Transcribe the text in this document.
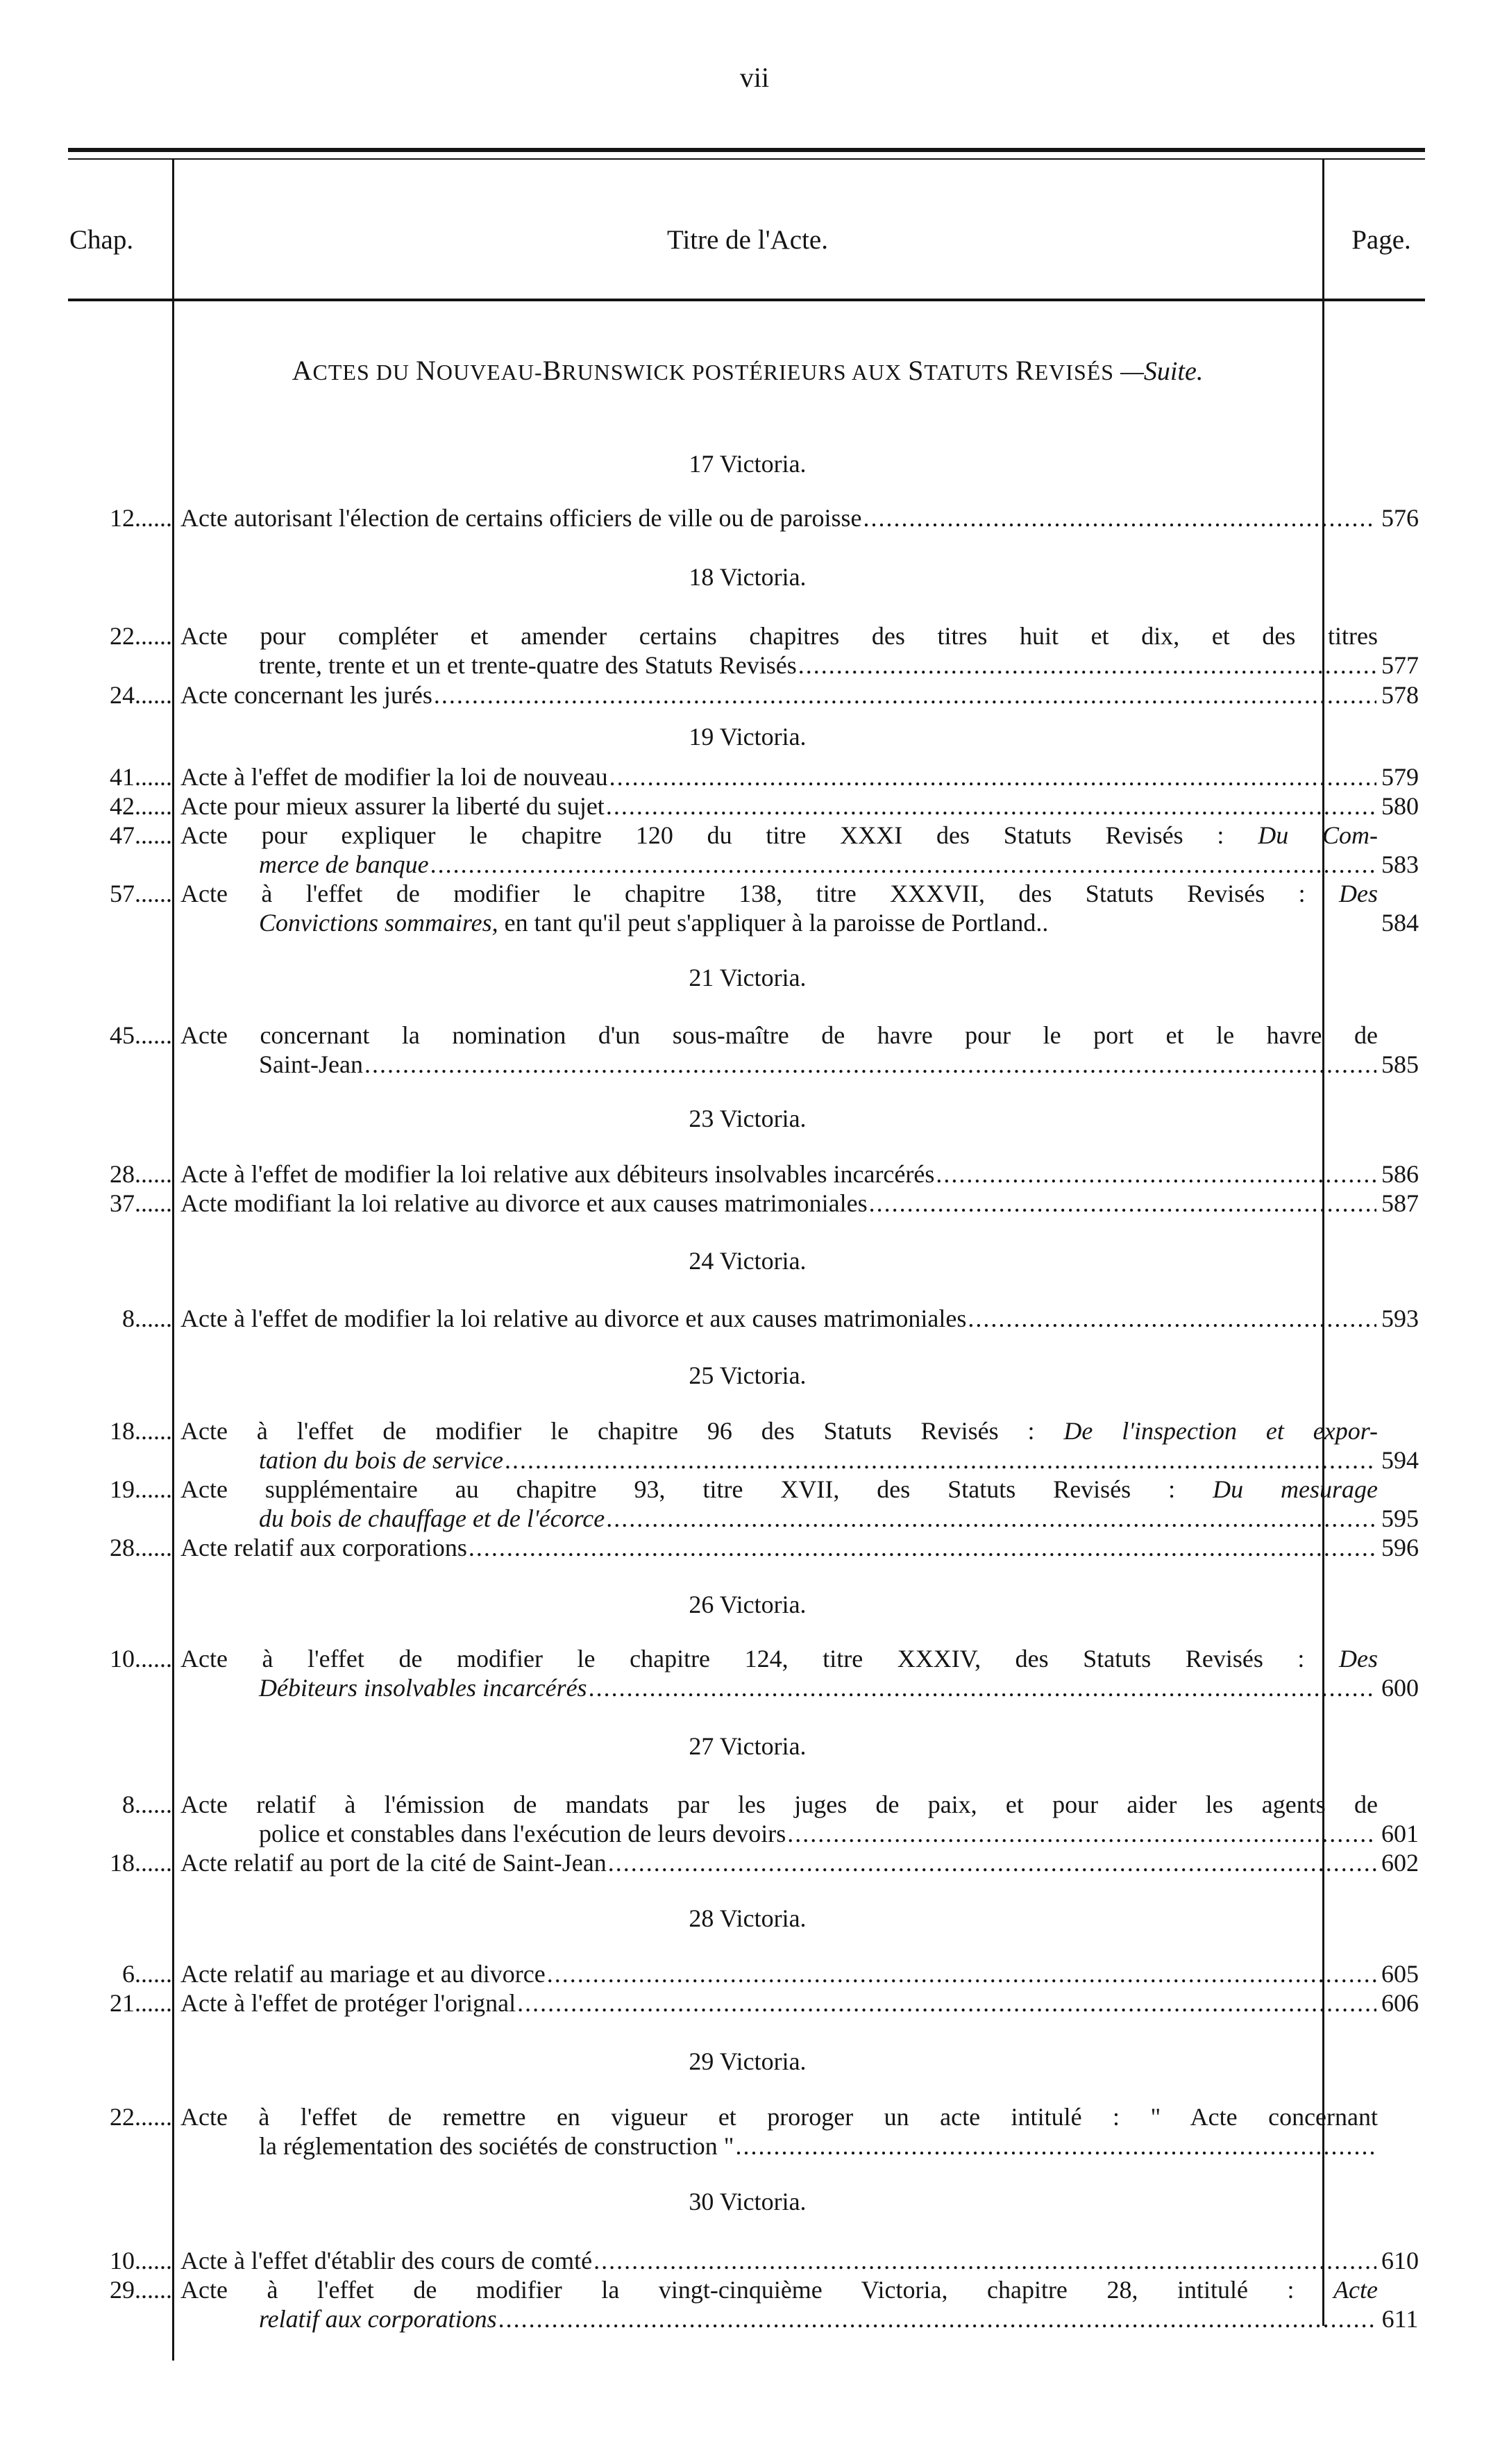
vii
Chap.	Titre de l'Acte.	Page.
ACTES DU NOUVEAU-BRUNSWICK POSTÉRIEURS AUX STATUTS REVISÉS —Suite.
17 Victoria.
12...... Acte autorisant l'élection de certains officiers de ville ou de paroisse .....	576
18 Victoria.
22...... Acte pour compléter et amender certains chapitres des titres huit et dix, et des titres
trente, trente et un et trente-quatre des Statuts Revisés .....	577
24...... Acte concernant les jurés .....	578
19 Victoria.
41...... Acte à l'effet de modifier la loi de nouveau .....	579
42...... Acte pour mieux assurer la liberté du sujet .....	580
47...... Acte pour expliquer le chapitre 120 du titre XXXI des Statuts Revisés : Du Com-
merce de banque .....	583
57...... Acte à l'effet de modifier le chapitre 138, titre XXXVII, des Statuts Revisés : Des
Convictions sommaires,
en tant qu'il peut s'appliquer à la paroisse de Portland..	584
21 Victoria.
45...... Acte concernant la nomination d'un sous-maître de havre pour le port et le havre de
Saint-Jean .....	585
23 Victoria.
28...... Acte à l'effet de modifier la loi relative aux débiteurs insolvables incarcérés .....	586
37...... Acte modifiant la loi relative au divorce et aux causes matrimoniales .....	587
24 Victoria.
8...... Acte à l'effet de modifier la loi relative au divorce et aux causes matrimoniales .....	593
25 Victoria.
18...... Acte à l'effet de modifier le chapitre 96 des Statuts Revisés : De l'inspection et expor-
tation du bois de service .....	594
19...... Acte supplémentaire au chapitre 93, titre XVII, des Statuts Revisés : Du mesurage
du bois de chauffage et de l'écorce .....	595
28...... Acte relatif aux corporations .....	596
26 Victoria.
10...... Acte à l'effet de modifier le chapitre 124, titre XXXIV, des Statuts Revisés : Des
Débiteurs insolvables incarcérés .....	600
27 Victoria.
8...... Acte relatif à l'émission de mandats par les juges de paix, et pour aider les agents de
police et constables dans l'exécution de leurs devoirs .....	601
18...... Acte relatif au port de la cité de Saint-Jean .....	602
28 Victoria.
6...... Acte relatif au mariage et au divorce .....	605
21...... Acte à l'effet de protéger l'orignal .....	606
29 Victoria.
22...... Acte à l'effet de remettre en vigueur et proroger un acte intitulé : " Acte concernant
la réglementation des sociétés de construction "
.....
30 Victoria.
10...... Acte à l'effet d'établir des cours de comté .....	610
29...... Acte à l'effet de modifier la vingt-cinquième Victoria, chapitre 28, intitulé : Acte
relatif aux corporations .....	611
